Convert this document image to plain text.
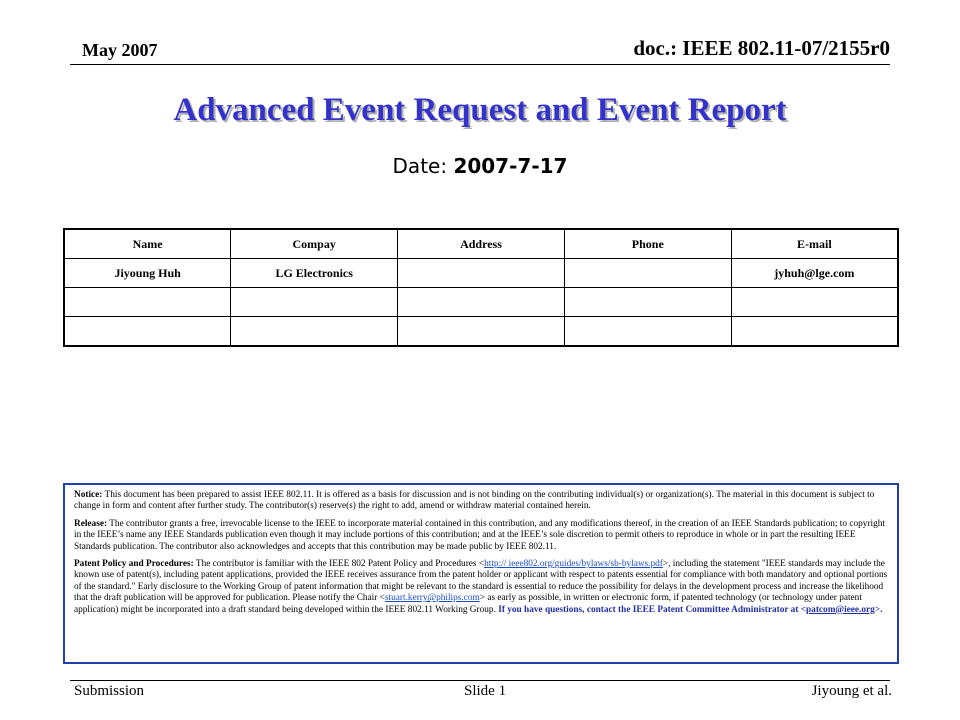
May 2007	doc.: IEEE 802.11-07/2155r0
Advanced Event Request and Event Report
Date: 2007-7-17
Name	Compay	Address	Phone	E-mail
Jiyoung Huh	LG Electronics			jyhuh@lge.com

Notice: This document has been prepared to assist IEEE 802.11. It is offered as a basis for discussion and is not binding on the contributing individual(s) or organization(s). The material in this document is subject to change in form and content after further study. The contributor(s) reserve(s) the right to add, amend or withdraw material contained herein.

Release: The contributor grants a free, irrevocable license to the IEEE to incorporate material contained in this contribution, and any modifications thereof, in the creation of an IEEE Standards publication; to copyright in the IEEE’s name any IEEE Standards publication even though it may include portions of this contribution; and at the IEEE’s sole discretion to permit others to reproduce in whole or in part the resulting IEEE Standards publication. The contributor also acknowledges and accepts that this contribution may be made public by IEEE 802.11.

Patent Policy and Procedures: The contributor is familiar with the IEEE 802 Patent Policy and Procedures <http:// ieee802.org/guides/bylaws/sb-bylaws.pdf>, including the statement "IEEE standards may include the known use of patent(s), including patent applications, provided the IEEE receives assurance from the patent holder or applicant with respect to patents essential for compliance with both mandatory and optional portions of the standard." Early disclosure to the Working Group of patent information that might be relevant to the standard is essential to reduce the possibility for delays in the development process and increase the likelihood that the draft publication will be approved for publication. Please notify the Chair <stuart.kerry@philips.com> as early as possible, in written or electronic form, if patented technology (or technology under patent application) might be incorporated into a draft standard being developed within the IEEE 802.11 Working Group. If you have questions, contact the IEEE Patent Committee Administrator at <patcom@ieee.org>.

Submission	Slide 1	Jiyoung et al.
